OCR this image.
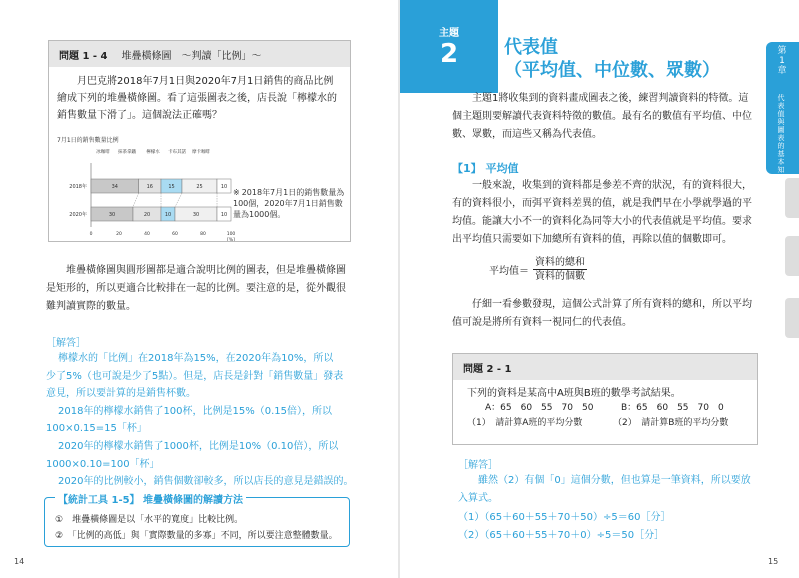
問題 1 - 4 堆疊橫條圖　～判讀「比例」～
月巴克將2018年7月1日與2020年7月1日銷售的商品比例繪成下列的堆疊橫條圖。看了這張圖表之後，店長說「檸檬水的銷售數量下滑了」。這個說法正確嗎？
7月1日的銷售數量比例
冰咖啡 抹茶拿鐵 檸檬水 卡布其諾 摩卡咖啡
2018年	34	16	15	25	10
2020年	30	20	10	30	10
0	20	40	60	80	100
[%]
※ 2018年7月1日的銷售數量為100個，2020年7月1日銷售數量為1000個。
堆疊橫條圖與圓形圖都是適合說明比例的圖表，但是堆疊橫條圖是矩形的，所以更適合比較排在一起的比例。要注意的是，從外觀很難判讀實際的數量。
［解答］
檸檬水的「比例」在2018年為15%，在2020年為10%，所以
少了5%（也可說是少了5點）。但是，店長是針對「銷售數量」發表
意見，所以要計算的是銷售杯數。
2018年的檸檬水銷售了100杯，比例是15%（0.15倍），所以
100×0.15=15「杯」
2020年的檸檬水銷售了1000杯，比例是10%（0.10倍），所以
1000×0.10=100「杯」
2020年的比例較小，銷售個數卻較多，所以店長的意見是錯誤的。
【統計工具 1-5】 堆疊橫條圖的解讀方法
①　堆疊橫條圖是以「水平的寬度」比較比例。
②　「比例的高低」與「實際數量的多寡」不同，所以要注意整體數量。
14
主題
2	代表值
（平均值、中位數、眾數）
第1章
代表值與圖表的基本知識
主題1將收集到的資料畫成圖表之後，練習判讀資料的特徵。這個主題則要解讀代表資料特徵的數值。最有名的數值有平均值、中位數、眾數，而這些又稱為代表值。
【1】 平均值
一般來說，收集到的資料都是參差不齊的狀況，有的資料很大，有的資料很小，而弭平資料差異的值，就是我們早在小學就學過的平均值。能讓大小不一的資料化為同等大小的代表值就是平均值。要求出平均值只需要如下加總所有資料的值，再除以值的個數即可。
平均值＝ $\frac{\text{資料的總和}}{\text{資料的個數}}$
仔細一看參數發現，這個公式計算了所有資料的總和，所以平均值可說是將所有資料一視同仁的代表值。
問題 2 - 1
下列的資料是某高中A班與B班的數學考試結果。
A：65　60　55　70　50	B：65　60　55　70　0
（1）　請計算A班的平均分數	（2）　請計算B班的平均分數
［解答］
雖然（2）有個「0」這個分數，但也算是一筆資料，所以要放入算式。
（1）（65＋60＋55＋70＋50）÷5＝60［分］
（2）（65＋60＋55＋70＋0）÷5＝50［分］
15
